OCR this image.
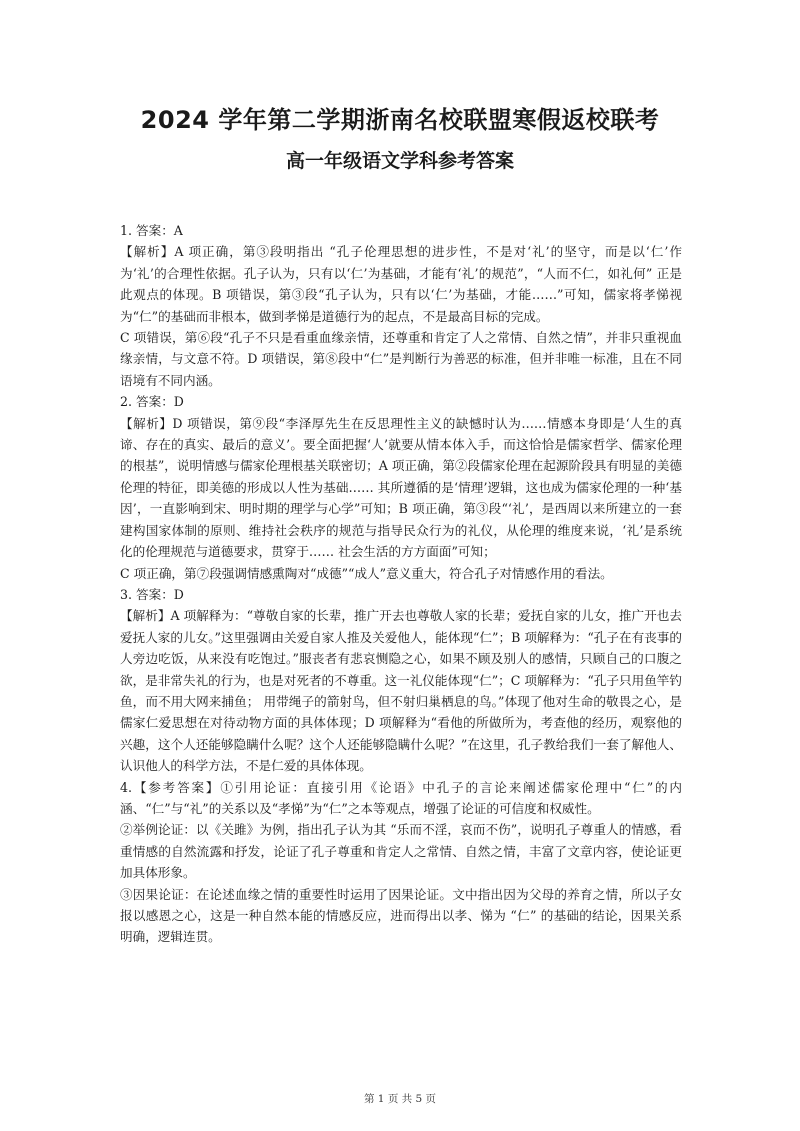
2024 学年第二学期浙南名校联盟寒假返校联考
高一年级语文学科参考答案

1. 答案：A

【解析】A 项正确，第③段明指出 “孔子伦理思想的进步性，不是对‘礼’的坚守，而是以‘仁’作为‘礼’的合理性依据。孔子认为，只有以‘仁’为基础，才能有‘礼’的规范”，“人而不仁，如礼何” 正是此观点的体现。B 项错误，第③段“孔子认为，只有以‘仁’为基础，才能……”可知，儒家将孝悌视为“仁”的基础而非根本，做到孝悌是道德行为的起点，不是最高目标的完成。

C 项错误，第⑥段“孔子不只是看重血缘亲情，还尊重和肯定了人之常情、自然之情”，并非只重视血缘亲情，与文意不符。D 项错误，第⑧段中“仁”是判断行为善恶的标准，但并非唯一标准，且在不同语境有不同内涵。

2. 答案：D

【解析】D 项错误，第⑨段“李泽厚先生在反思理性主义的缺憾时认为……情感本身即是‘人生的真谛、存在的真实、最后的意义’。要全面把握‘人’就要从情本体入手，而这恰恰是儒家哲学、儒家伦理的根基”，说明情感与儒家伦理根基关联密切；A 项正确，第②段儒家伦理在起源阶段具有明显的美德伦理的特征，即美德的形成以人性为基础…… 其所遵循的是‘情理’逻辑，这也成为儒家伦理的一种‘基因’，一直影响到宋、明时期的理学与心学”可知；B 项正确，第③段“‘礼’，是西周以来所建立的一套建构国家体制的原则、维持社会秩序的规范与指导民众行为的礼仪，从伦理的维度来说，‘礼’是系统化的伦理规范与道德要求，贯穿于…… 社会生活的方方面面”可知；

C 项正确，第⑦段强调情感熏陶对“成德”“成人”意义重大，符合孔子对情感作用的看法。

3. 答案：D

【解析】A 项解释为：“尊敬自家的长辈，推广开去也尊敬人家的长辈；爱抚自家的儿女，推广开也去爱抚人家的儿女。”这里强调由关爱自家人推及关爱他人，能体现“仁”；B 项解释为：“孔子在有丧事的人旁边吃饭，从来没有吃饱过。”服丧者有悲哀恻隐之心，如果不顾及别人的感情，只顾自己的口腹之欲，是非常失礼的行为，也是对死者的不尊重。这一礼仪能体现“仁”；C 项解释为：“孔子只用鱼竿钓鱼，而不用大网来捕鱼； 用带绳子的箭射鸟，但不射归巢栖息的鸟。”体现了他对生命的敬畏之心，是儒家仁爱思想在对待动物方面的具体体现；D 项解释为“看他的所做所为，考查他的经历，观察他的兴趣，这个人还能够隐瞒什么呢？这个人还能够隐瞒什么呢？”在这里，孔子教给我们一套了解他人、认识他人的科学方法，不是仁爱的具体体现。

4.【参考答案】①引用论证：直接引用《论语》中孔子的言论来阐述儒家伦理中“仁”的内涵、“仁”与“礼”的关系以及“孝悌”为“仁”之本等观点，增强了论证的可信度和权威性。

②举例论证：以《关雎》为例，指出孔子认为其 “乐而不淫，哀而不伤”，说明孔子尊重人的情感，看重情感的自然流露和抒发，论证了孔子尊重和肯定人之常情、自然之情，丰富了文章内容，使论证更加具体形象。

③因果论证：在论述血缘之情的重要性时运用了因果论证。文中指出因为父母的养育之情，所以子女报以感恩之心，这是一种自然本能的情感反应，进而得出以孝、悌为 “仁” 的基础的结论，因果关系明确，逻辑连贯。

第 1 页 共 5 页
